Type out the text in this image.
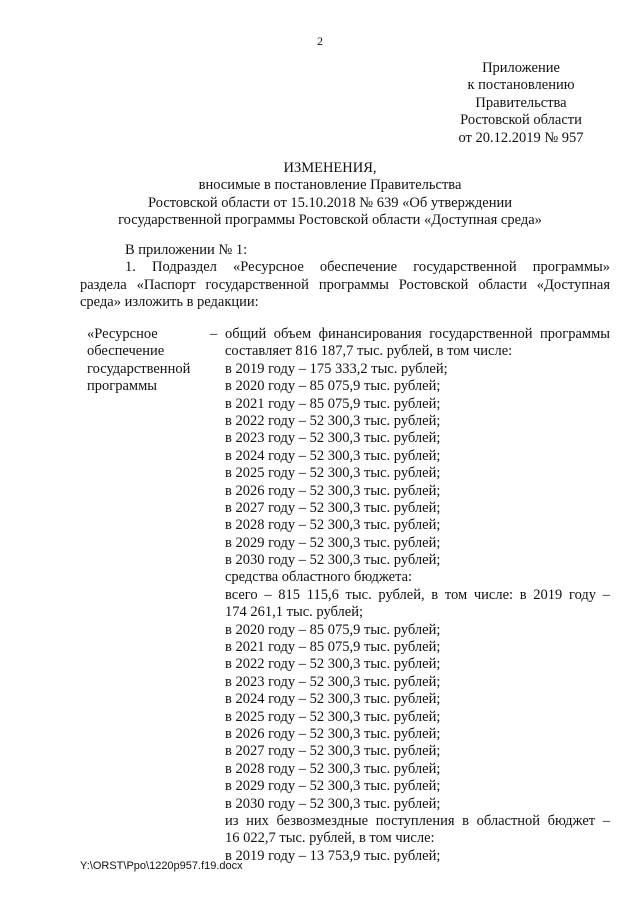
2
Приложение
к постановлению
Правительства
Ростовской области
от 20.12.2019 № 957
ИЗМЕНЕНИЯ,
вносимые в постановление Правительства
Ростовской области от 15.10.2018 № 639 «Об утверждении
государственной программы Ростовской области «Доступная среда»
В приложении № 1:
1. Подраздел «Ресурсное обеспечение государственной программы»
раздела «Паспорт государственной программы Ростовской области «Доступная
среда» изложить в редакции:
«Ресурсное
обеспечение
государственной
программы
– общий объем финансирования государственной программы
составляет 816 187,7 тыс. рублей, в том числе:
в 2019 году – 175 333,2 тыс. рублей;
в 2020 году – 85 075,9 тыс. рублей;
в 2021 году – 85 075,9 тыс. рублей;
в 2022 году – 52 300,3 тыс. рублей;
в 2023 году – 52 300,3 тыс. рублей;
в 2024 году – 52 300,3 тыс. рублей;
в 2025 году – 52 300,3 тыс. рублей;
в 2026 году – 52 300,3 тыс. рублей;
в 2027 году – 52 300,3 тыс. рублей;
в 2028 году – 52 300,3 тыс. рублей;
в 2029 году – 52 300,3 тыс. рублей;
в 2030 году – 52 300,3 тыс. рублей;
средства областного бюджета:
всего – 815 115,6 тыс. рублей, в том числе: в 2019 году –
174 261,1 тыс. рублей;
в 2020 году – 85 075,9 тыс. рублей;
в 2021 году – 85 075,9 тыс. рублей;
в 2022 году – 52 300,3 тыс. рублей;
в 2023 году – 52 300,3 тыс. рублей;
в 2024 году – 52 300,3 тыс. рублей;
в 2025 году – 52 300,3 тыс. рублей;
в 2026 году – 52 300,3 тыс. рублей;
в 2027 году – 52 300,3 тыс. рублей;
в 2028 году – 52 300,3 тыс. рублей;
в 2029 году – 52 300,3 тыс. рублей;
в 2030 году – 52 300,3 тыс. рублей;
из них безвозмездные поступления в областной бюджет –
16 022,7 тыс. рублей, в том числе:
в 2019 году – 13 753,9 тыс. рублей;
Y:\ORST\Ppo\1220p957.f19.docx
